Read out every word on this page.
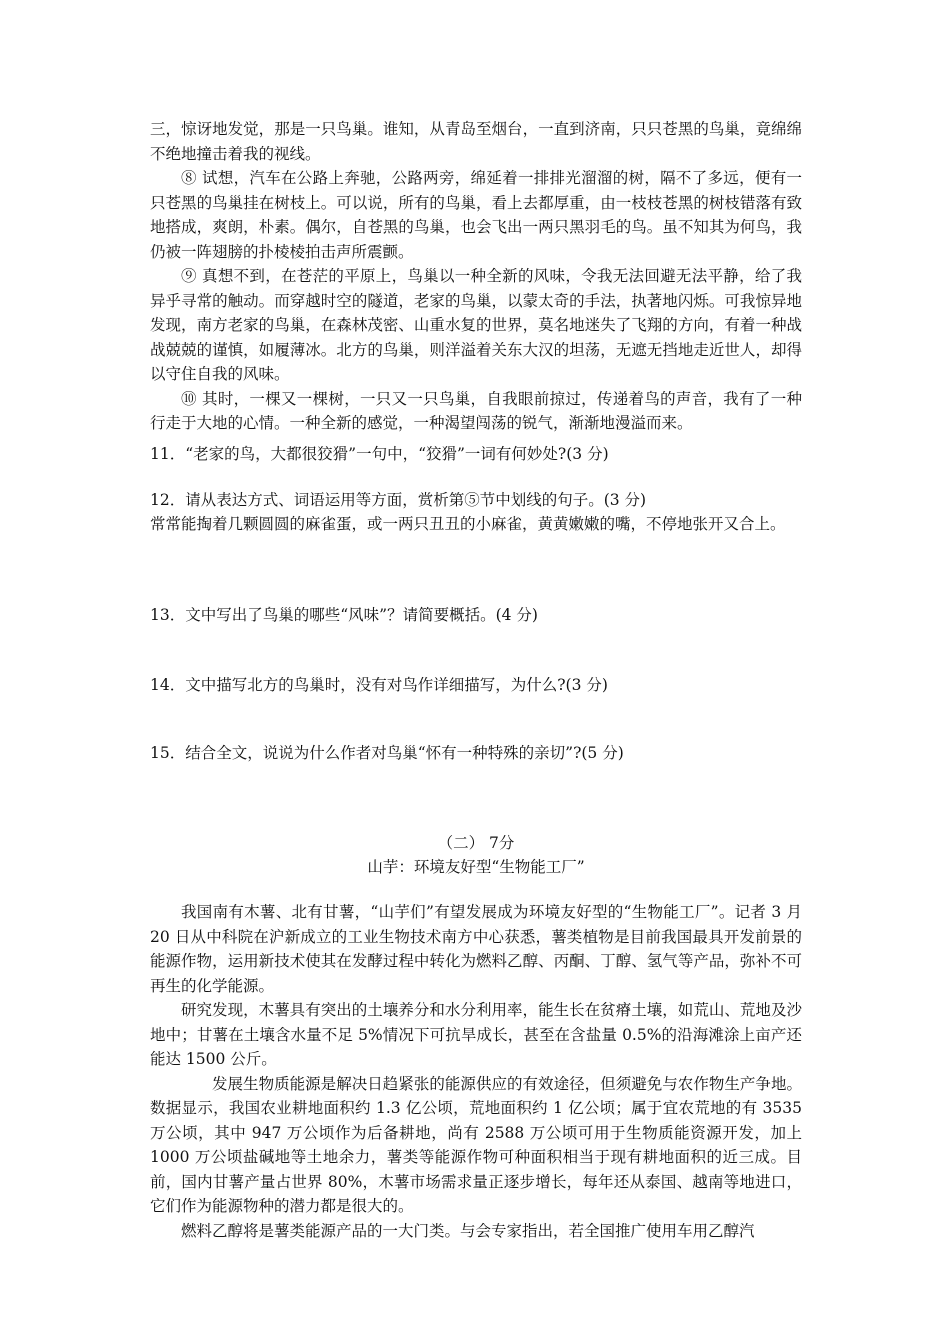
三，惊讶地发觉，那是一只鸟巢。谁知，从青岛至烟台，一直到济南，只只苍黑的鸟巢，竟绵绵不绝地撞击着我的视线。

⑧ 试想，汽车在公路上奔驰，公路两旁，绵延着一排排光溜溜的树，隔不了多远，便有一只苍黑的鸟巢挂在树枝上。可以说，所有的鸟巢，看上去都厚重，由一枝枝苍黑的树枝错落有致地搭成，爽朗，朴素。偶尔，自苍黑的鸟巢，也会飞出一两只黑羽毛的鸟。虽不知其为何鸟，我仍被一阵翅膀的扑棱棱拍击声所震颤。

⑨ 真想不到，在苍茫的平原上，鸟巢以一种全新的风味，令我无法回避无法平静，给了我异乎寻常的触动。而穿越时空的隧道，老家的鸟巢，以蒙太奇的手法，执著地闪烁。可我惊异地发现，南方老家的鸟巢，在森林茂密、山重水复的世界，莫名地迷失了飞翔的方向，有着一种战战兢兢的谨慎，如履薄冰。北方的鸟巢，则洋溢着关东大汉的坦荡，无遮无挡地走近世人，却得以守住自我的风味。

⑩ 其时，一棵又一棵树，一只又一只鸟巢，自我眼前掠过，传递着鸟的声音，我有了一种行走于大地的心情。一种全新的感觉，一种渴望闯荡的锐气，渐渐地漫溢而来。

11．“老家的鸟，大都很狡猾”一句中，“狡猾”一词有何妙处?(3 分)

12．请从表达方式、词语运用等方面，赏析第⑤节中划线的句子。(3 分)

常常能掏着几颗圆圆的麻雀蛋，或一两只丑丑的小麻雀，黄黄嫩嫩的嘴，不停地张开又合上。

13．文中写出了鸟巢的哪些“风味”？请简要概括。(4 分)

14．文中描写北方的鸟巢时，没有对鸟作详细描写，为什么?(3 分)

15．结合全文，说说为什么作者对鸟巢“怀有一种特殊的亲切”?(5 分)

（二） 7分

山芋：环境友好型“生物能工厂”

我国南有木薯、北有甘薯，“山芋们”有望发展成为环境友好型的“生物能工厂”。记者 3 月 20 日从中科院在沪新成立的工业生物技术南方中心获悉，薯类植物是目前我国最具开发前景的能源作物，运用新技术使其在发酵过程中转化为燃料乙醇、丙酮、丁醇、氢气等产品，弥补不可再生的化学能源。

研究发现，木薯具有突出的土壤养分和水分利用率，能生长在贫瘠土壤，如荒山、荒地及沙地中；甘薯在土壤含水量不足 5%情况下可抗旱成长，甚至在含盐量 0.5%的沿海滩涂上亩产还能达 1500 公斤。

发展生物质能源是解决日趋紧张的能源供应的有效途径，但须避免与农作物生产争地。数据显示，我国农业耕地面积约 1.3 亿公顷，荒地面积约 1 亿公顷；属于宜农荒地的有 3535 万公顷，其中 947 万公顷作为后备耕地，尚有 2588 万公顷可用于生物质能资源开发，加上 1000 万公顷盐碱地等土地余力，薯类等能源作物可种面积相当于现有耕地面积的近三成。目前，国内甘薯产量占世界 80%，木薯市场需求量正逐步增长，每年还从泰国、越南等地进口，它们作为能源物种的潜力都是很大的。

燃料乙醇将是薯类能源产品的一大门类。与会专家指出，若全国推广使用车用乙醇汽
